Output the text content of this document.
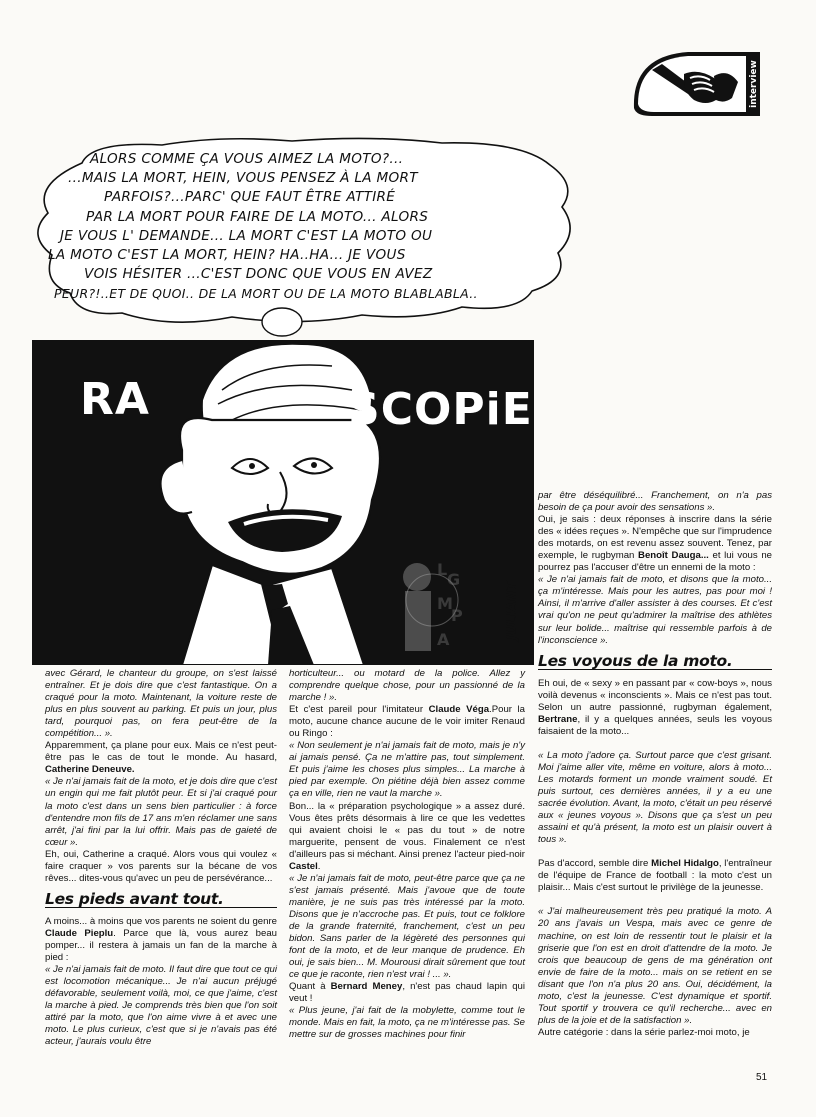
interview
ALORS COMME ÇA VOUS AIMEZ LA MOTO?...
...MAIS LA MORT, HEIN, VOUS PENSEZ À LA MORT
PARFOIS?...PARC' QUE FAUT ÊTRE ATTIRÉ
PAR LA MORT POUR FAIRE DE LA MOTO... ALORS
JE VOUS L' DEMANDE... LA MORT C'EST LA MOTO OU
LA MOTO C'EST LA MORT, HEIN? HA..HA... JE VOUS
VOIS HÉSITER ...C'EST DONC QUE VOUS EN AVEZ
PEUR?!..ET DE QUOI.. DE LA MORT OU DE LA MOTO BLABLABLA..
RA	SCOPiE
JULIANT
L
G
M
P
A

avec Gérard, le chanteur du groupe, on s'est laissé entraîner. Et je dois dire que c'est fantastique. On a craqué pour la moto. Maintenant, la voiture reste de plus en plus souvent au parking. Et puis un jour, plus tard, pourquoi pas, on fera peut-être de la compétition... ».

Apparemment, ça plane pour eux. Mais ce n'est peut-être pas le cas de tout le monde. Au hasard, Catherine Deneuve.

« Je n'ai jamais fait de la moto, et je dois dire que c'est un engin qui me fait plutôt peur. Et si j'ai craqué pour la moto c'est dans un sens bien particulier : à force d'entendre mon fils de 17 ans m'en réclamer une sans arrêt, j'ai fini par la lui offrir. Mais pas de gaieté de cœur ».

Eh, oui, Catherine a craqué. Alors vous qui voulez « faire craquer » vos parents sur la bécane de vos rêves... dites-vous qu'avec un peu de persévérance...

Les pieds avant tout.

A moins... à moins que vos parents ne soient du genre Claude Pieplu. Parce que là, vous aurez beau pomper... il restera à jamais un fan de la marche à pied :

« Je n'ai jamais fait de moto. Il faut dire que tout ce qui est locomotion mécanique... Je n'ai aucun préjugé défavorable, seulement voilà, moi, ce que j'aime, c'est la marche à pied. Je comprends très bien que l'on soit attiré par la moto, que l'on aime vivre à et avec une moto. Le plus curieux, c'est que si je n'avais pas été acteur, j'aurais voulu être

horticulteur... ou motard de la police. Allez y comprendre quelque chose, pour un passionné de la marche ! ».

Et c'est pareil pour l'imitateur Claude Véga.Pour la moto, aucune chance aucune de le voir imiter Renaud ou Ringo :

« Non seulement je n'ai jamais fait de moto, mais je n'y ai jamais pensé. Ça ne m'attire pas, tout simplement. Et puis j'aime les choses plus simples... La marche à pied par exemple. On piétine déjà bien assez comme ça en ville, rien ne vaut la marche ».

Bon... la « préparation psychologique » a assez duré. Vous êtes prêts désormais à lire ce que les vedettes qui avaient choisi le « pas du tout » de notre marguerite, pensent de vous. Finalement ce n'est d'ailleurs pas si méchant. Ainsi prenez l'acteur pied-noir Castel.

« Je n'ai jamais fait de moto, peut-être parce que ça ne s'est jamais présenté. Mais j'avoue que de toute manière, je ne suis pas très intéressé par la moto. Disons que je n'accroche pas. Et puis, tout ce folklore de la grande fraternité, franchement, c'est un peu bidon. Sans parler de la légèreté des personnes qui font de la moto, et de leur manque de prudence. Eh oui, je sais bien... M. Mourousi dirait sûrement que tout ce que je raconte, rien n'est vrai ! ... ».

Quant à Bernard Meney, n'est pas chaud lapin qui veut !

« Plus jeune, j'ai fait de la mobylette, comme tout le monde. Mais en fait, la moto, ça ne m'intéresse pas. Se mettre sur de grosses machines pour finir

par être déséquilibré... Franchement, on n'a pas besoin de ça pour avoir des sensations ».

Oui, je sais : deux réponses à inscrire dans la série des « idées reçues ». N'empêche que sur l'imprudence des motards, on est revenu assez souvent. Tenez, par exemple, le rugbyman Benoît Dauga... et lui vous ne pourrez pas l'accuser d'être un ennemi de la moto :

« Je n'ai jamais fait de moto, et disons que la moto... ça m'intéresse. Mais pour les autres, pas pour moi ! Ainsi, il m'arrive d'aller assister à des courses. Et c'est vrai qu'on ne peut qu'admirer la maîtrise des athlètes sur leur bolide... maîtrise qui ressemble parfois à de l'inconscience ».

Les voyous de la moto.

Eh oui, de « sexy » en passant par « cow-boys », nous voilà devenus « inconscients ». Mais ce n'est pas tout. Selon un autre passionné, rugbyman également, Bertrane, il y a quelques années, seuls les voyous faisaient de la moto...

« La moto j'adore ça. Surtout parce que c'est grisant. Moi j'aime aller vite, même en voiture, alors à moto... Les motards forment un monde vraiment soudé. Et puis surtout, ces dernières années, il y a eu une sacrée évolution. Avant, la moto, c'était un peu réservé aux « jeunes voyous ». Disons que ça s'est un peu assaini et qu'à présent, la moto est un plaisir ouvert à tous ».

Pas d'accord, semble dire Michel Hidalgo, l'entraîneur de l'équipe de France de football : la moto c'est un plaisir... Mais c'est surtout le privilège de la jeunesse.

« J'ai malheureusement très peu pratiqué la moto. A 20 ans j'avais un Vespa, mais avec ce genre de machine, on est loin de ressentir tout le plaisir et la griserie que l'on est en droit d'attendre de la moto. Je crois que beaucoup de gens de ma génération ont envie de faire de la moto... mais on se retient en se disant que l'on n'a plus 20 ans. Oui, décidément, la moto, c'est la jeunesse. C'est dynamique et sportif. Tout sportif y trouvera ce qu'il recherche... avec en plus de la joie et de la satisfaction ».

Autre catégorie : dans la série parlez-moi moto, je

51
